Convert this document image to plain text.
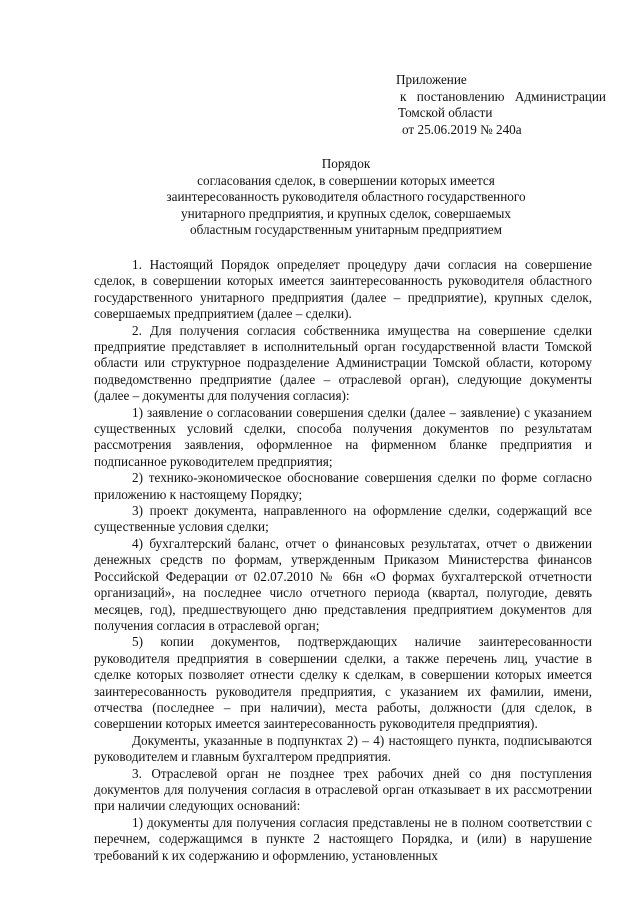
Приложение
к постановлению Администрации
Томской области
от 25.06.2019 № 240а
Порядок
согласования сделок, в совершении которых имеется
заинтересованность руководителя областного государственного
унитарного предприятия, и крупных сделок, совершаемых
областным государственным унитарным предприятием

1. Настоящий Порядок определяет процедуру дачи согласия на совершение сделок, в совершении которых имеется заинтересованность руководителя областного государственного унитарного предприятия (далее – предприятие), крупных сделок, совершаемых предприятием (далее – сделки).

2. Для получения согласия собственника имущества на совершение сделки предприятие представляет в исполнительный орган государственной власти Томской области или структурное подразделение Администрации Томской области, которому подведомственно предприятие (далее – отраслевой орган), следующие документы (далее – документы для получения согласия):

1) заявление о согласовании совершения сделки (далее – заявление) с указанием существенных условий сделки, способа получения документов по результатам рассмотрения заявления, оформленное на фирменном бланке предприятия и подписанное руководителем предприятия;

2) технико-экономическое обоснование совершения сделки по форме согласно приложению к настоящему Порядку;

3) проект документа, направленного на оформление сделки, содержащий все существенные условия сделки;

4) бухгалтерский баланс, отчет о финансовых результатах, отчет о движении денежных средств по формам, утвержденным Приказом Министерства финансов Российской Федерации от 02.07.2010 № 66н «О формах бухгалтерской отчетности организаций», на последнее число отчетного периода (квартал, полугодие, девять месяцев, год), предшествующего дню представления предприятием документов для получения согласия в отраслевой орган;

5) копии документов, подтверждающих наличие заинтересованности руководителя предприятия в совершении сделки, а также перечень лиц, участие в сделке которых позволяет отнести сделку к сделкам, в совершении которых имеется заинтересованность руководителя предприятия, с указанием их фамилии, имени, отчества (последнее – при наличии), места работы, должности (для сделок, в совершении которых имеется заинтересованность руководителя предприятия).

Документы, указанные в подпунктах 2) – 4) настоящего пункта, подписываются руководителем и главным бухгалтером предприятия.

3. Отраслевой орган не позднее трех рабочих дней со дня поступления документов для получения согласия в отраслевой орган отказывает в их рассмотрении при наличии следующих оснований:

1) документы для получения согласия представлены не в полном соответствии с перечнем, содержащимся в пункте 2 настоящего Порядка, и (или) в нарушение требований к их содержанию и оформлению, установленных
